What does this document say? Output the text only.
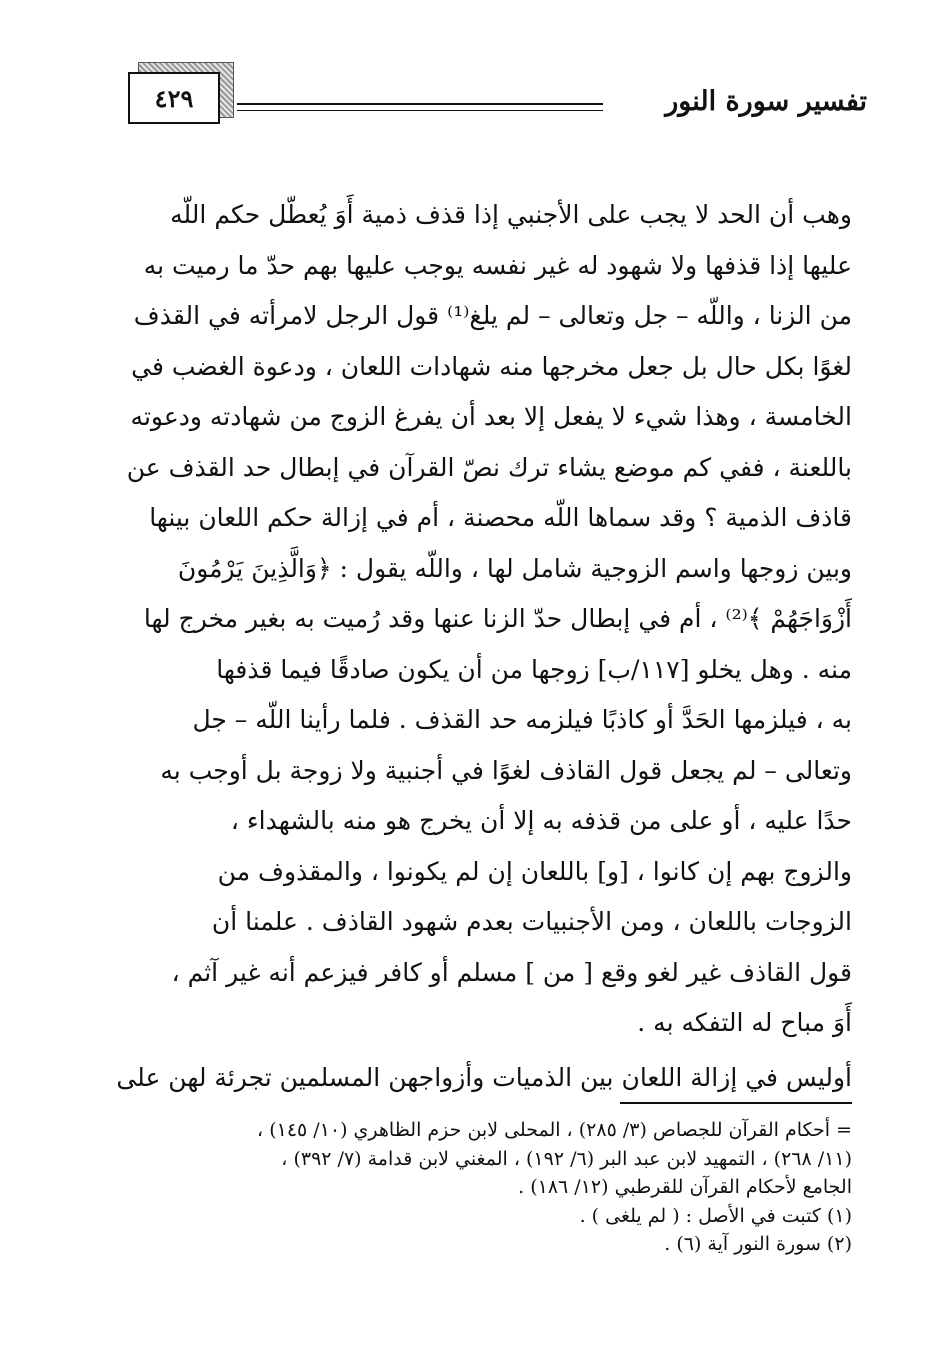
تفسير سورة النور
٤٢٩
وهب أن الحد لا يجب على الأجنبي إذا قذف ذمية أَوَ يُعطّل حكم اللّه
عليها إذا قذفها ولا شهود له غير نفسه يوجب عليها بهم حدّ ما رميت به
من الزنا ، واللّه – جل وتعالى – لم يلغ⁽¹⁾ قول الرجل لامرأته في القذف
لغوًا بكل حال بل جعل مخرجها منه شهادات اللعان ، ودعوة الغضب في
الخامسة ، وهذا شيء لا يفعل إلا بعد أن يفرغ الزوج من شهادته ودعوته
باللعنة ، ففي كم موضع يشاء ترك نصّ القرآن في إبطال حد القذف عن
قاذف الذمية ؟ وقد سماها اللّه محصنة ، أم في إزالة حكم اللعان بينها
وبين زوجها واسم الزوجية شامل لها ، واللّه يقول : ﴿وَالَّذِينَ يَرْمُونَ
أَزْوَاجَهُمْ ﴾⁽²⁾ ، أم في إبطال حدّ الزنا عنها وقد رُميت به بغير مخرج لها
منه . وهل يخلو [١١٧/ب] زوجها من أن يكون صادقًا فيما قذفها
به ، فيلزمها الحَدَّ أو كاذبًا فيلزمه حد القذف . فلما رأينا اللّه – جل
وتعالى – لم يجعل قول القاذف لغوًا في أجنبية ولا زوجة بل أوجب به
حدًا عليه ، أو على من قذفه به إلا أن يخرج هو منه بالشهداء ،
والزوج بهم إن كانوا ، [و] باللعان إن لم يكونوا ، والمقذوف من
الزوجات باللعان ، ومن الأجنبيات بعدم شهود القاذف . علمنا أن
قول القاذف غير لغو وقع [ من ] مسلم أو كافر فيزعم أنه غير آثم ،
أَوَ مباح له التفكه به .
أوليس في إزالة اللعان بين الذميات وأزواجهن المسلمين تجرئة لهن على
= أحكام القرآن للجصاص (٣/ ٢٨٥) ، المحلى لابن حزم الظاهري (١٠/ ١٤٥) ،
(١١/ ٢٦٨) ، التمهيد لابن عبد البر (٦/ ١٩٢) ، المغني لابن قدامة (٧/ ٣٩٢) ،
الجامع لأحكام القرآن للقرطبي (١٢/ ١٨٦) .
(١) كتبت في الأصل : ( لم يلغى ) .
(٢) سورة النور آية (٦) .
